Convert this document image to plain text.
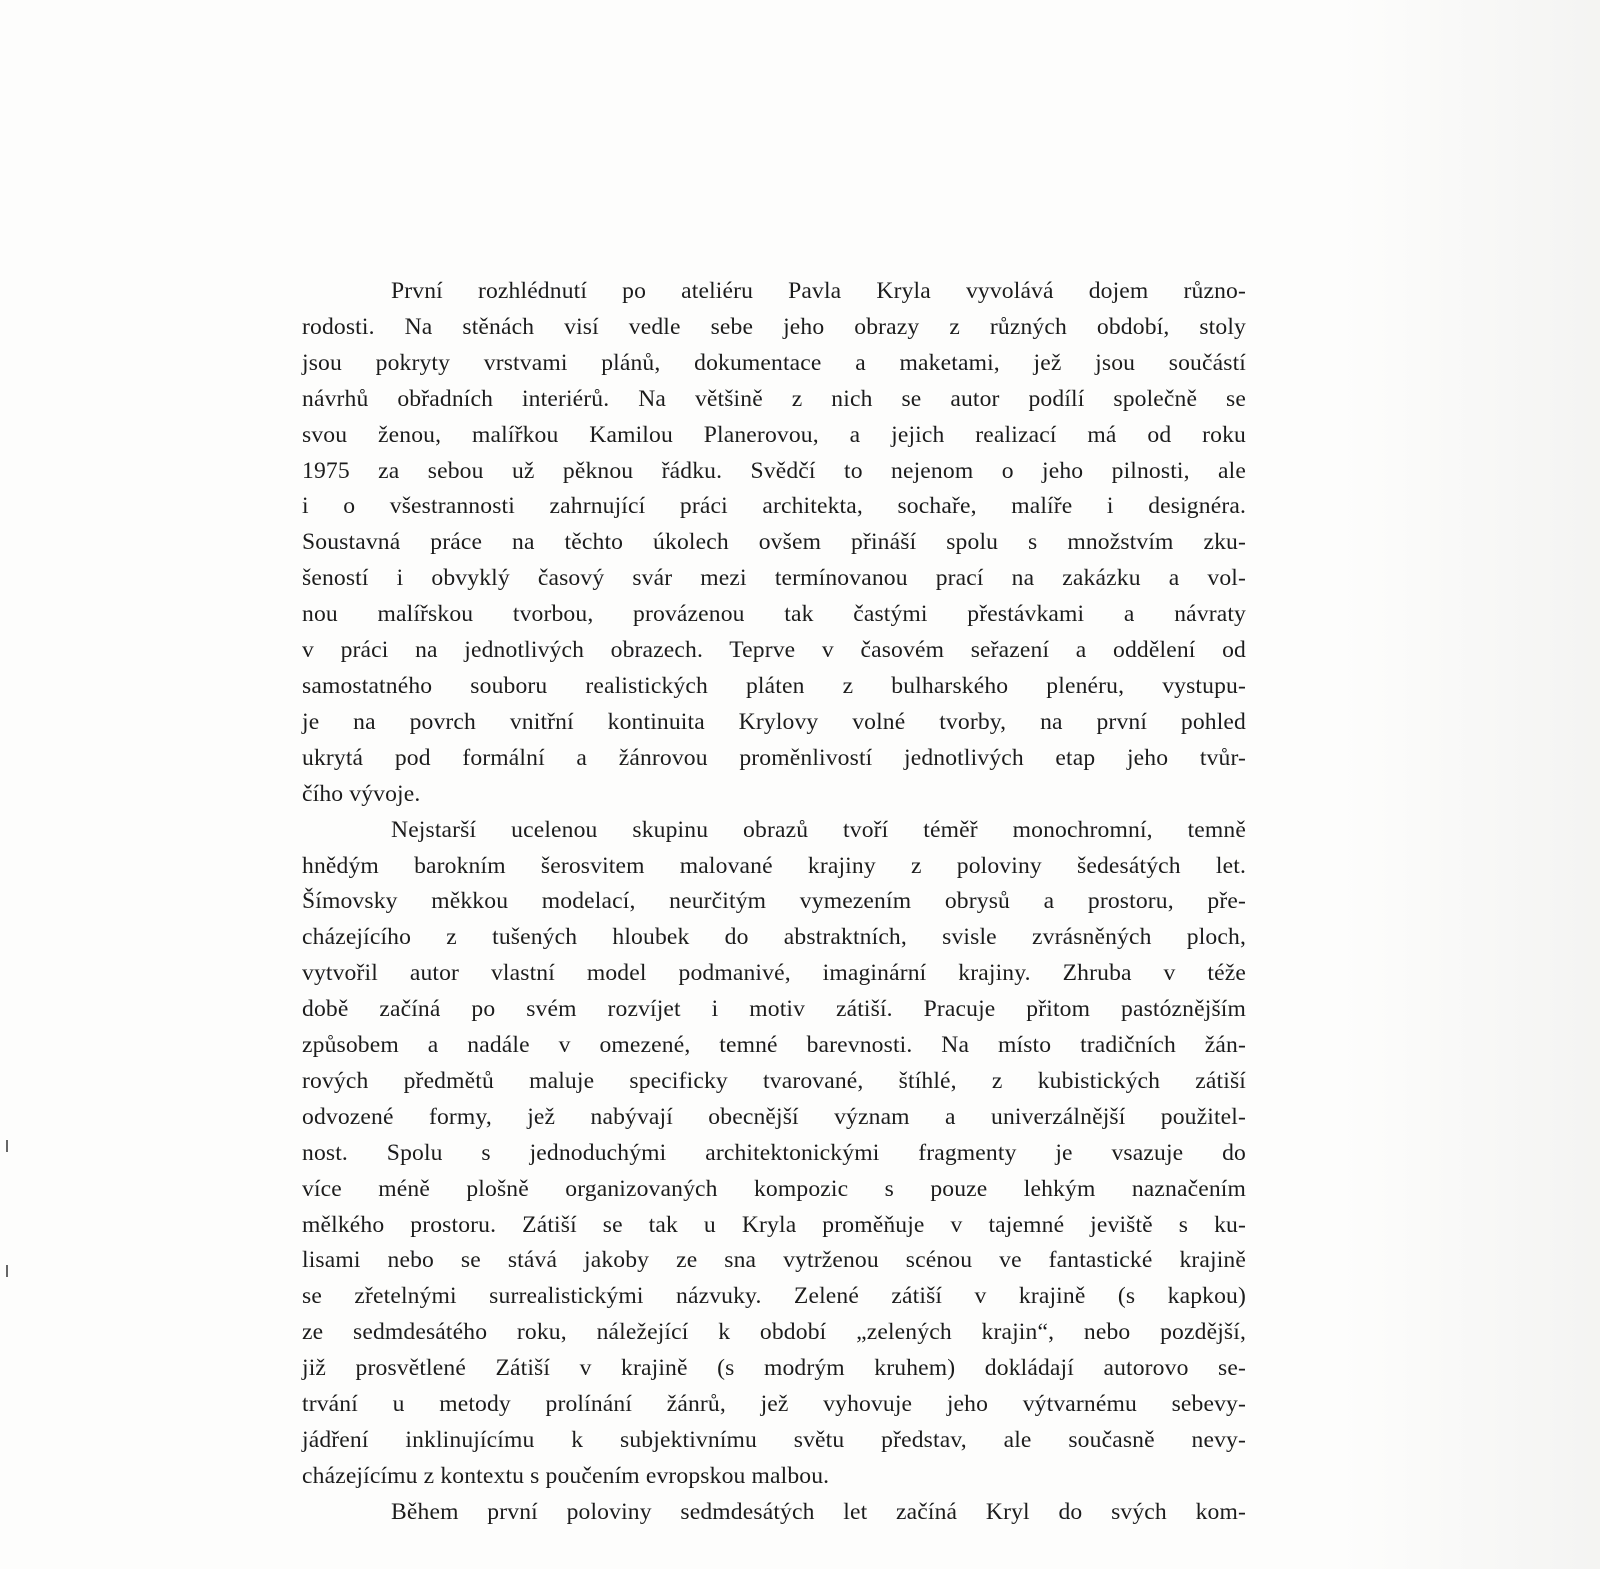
První rozhlédnutí po ateliéru Pavla Kryla vyvolává dojem různo-
rodosti. Na stěnách visí vedle sebe jeho obrazy z různých období, stoly
jsou pokryty vrstvami plánů, dokumentace a maketami, jež jsou součástí
návrhů obřadních interiérů. Na většině z nich se autor podílí společně se
svou ženou, malířkou Kamilou Planerovou, a jejich realizací má od roku
1975 za sebou už pěknou řádku. Svědčí to nejenom o jeho pilnosti, ale
i o všestrannosti zahrnující práci architekta, sochaře, malíře i designéra.
Soustavná práce na těchto úkolech ovšem přináší spolu s množstvím zku-
šeností i obvyklý časový svár mezi termínovanou prací na zakázku a vol-
nou malířskou tvorbou, provázenou tak častými přestávkami a návraty
v práci na jednotlivých obrazech. Teprve v časovém seřazení a oddělení od
samostatného souboru realistických pláten z bulharského plenéru, vystupu-
je na povrch vnitřní kontinuita Krylovy volné tvorby, na první pohled
ukrytá pod formální a žánrovou proměnlivostí jednotlivých etap jeho tvůr-
čího vývoje.
Nejstarší ucelenou skupinu obrazů tvoří téměř monochromní, temně
hnědým barokním šerosvitem malované krajiny z poloviny šedesátých let.
Šímovsky měkkou modelací, neurčitým vymezením obrysů a prostoru, pře-
cházejícího z tušených hloubek do abstraktních, svisle zvrásněných ploch,
vytvořil autor vlastní model podmanivé, imaginární krajiny. Zhruba v téže
době začíná po svém rozvíjet i motiv zátiší. Pracuje přitom pastóznějším
způsobem a nadále v omezené, temné barevnosti. Na místo tradičních žán-
rových předmětů maluje specificky tvarované, štíhlé, z kubistických zátiší
odvozené formy, jež nabývají obecnější význam a univerzálnější použitel-
nost. Spolu s jednoduchými architektonickými fragmenty je vsazuje do
více méně plošně organizovaných kompozic s pouze lehkým naznačením
mělkého prostoru. Zátiší se tak u Kryla proměňuje v tajemné jeviště s ku-
lisami nebo se stává jakoby ze sna vytrženou scénou ve fantastické krajině
se zřetelnými surrealistickými názvuky. Zelené zátiší v krajině (s kapkou)
ze sedmdesátého roku, náležející k období „zelených krajin“, nebo pozdější,
již prosvětlené Zátiší v krajině (s modrým kruhem) dokládají autorovo se-
trvání u metody prolínání žánrů, jež vyhovuje jeho výtvarnému sebevy-
jádření inklinujícímu k subjektivnímu světu představ, ale současně nevy-
cházejícímu z kontextu s poučením evropskou malbou.
Během první poloviny sedmdesátých let začíná Kryl do svých kom-
